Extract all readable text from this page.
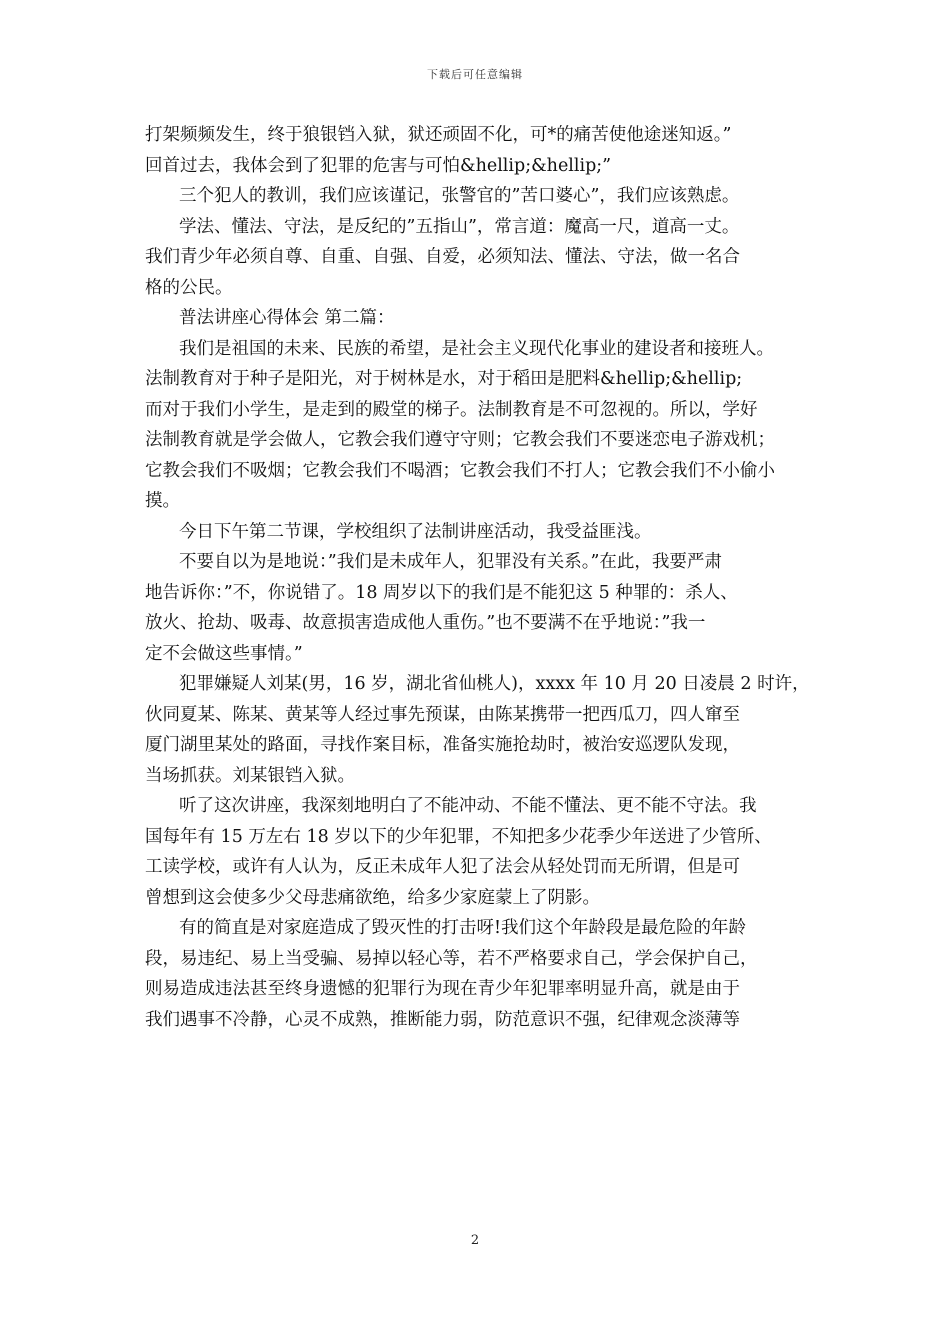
下载后可任意编辑
打架频频发生，终于狼银铛入狱，狱还顽固不化，可*的痛苦使他途迷知返。”
回首过去，我体会到了犯罪的危害与可怕&hellip;&hellip;”
三个犯人的教训，我们应该谨记，张警官的”苦口婆心”，我们应该熟虑。
学法、懂法、守法，是反纪的”五指山”，常言道：魔高一尺，道高一丈。
我们青少年必须自尊、自重、自强、自爱，必须知法、懂法、守法，做一名合
格的公民。
普法讲座心得体会 第二篇：
我们是祖国的未来、民族的希望，是社会主义现代化事业的建设者和接班人。
法制教育对于种子是阳光，对于树林是水，对于稻田是肥料&hellip;&hellip;
而对于我们小学生，是走到的殿堂的梯子。法制教育是不可忽视的。所以，学好
法制教育就是学会做人，它教会我们遵守守则；它教会我们不要迷恋电子游戏机；
它教会我们不吸烟；它教会我们不喝酒；它教会我们不打人；它教会我们不小偷小
摸。
今日下午第二节课，学校组织了法制讲座活动，我受益匪浅。
不要自以为是地说：”我们是未成年人，犯罪没有关系。”在此，我要严肃
地告诉你：”不，你说错了。18 周岁以下的我们是不能犯这 5 种罪的：杀人、
放火、抢劫、吸毒、故意损害造成他人重伤。”也不要满不在乎地说：”我一
定不会做这些事情。”
犯罪嫌疑人刘某(男，16 岁，湖北省仙桃人)，xxxx 年 10 月 20 日凌晨 2 时许，
伙同夏某、陈某、黄某等人经过事先预谋，由陈某携带一把西瓜刀，四人窜至
厦门湖里某处的路面，寻找作案目标，准备实施抢劫时，被治安巡逻队发现，
当场抓获。刘某银铛入狱。
听了这次讲座，我深刻地明白了不能冲动、不能不懂法、更不能不守法。我
国每年有 15 万左右 18 岁以下的少年犯罪，不知把多少花季少年送进了少管所、
工读学校，或许有人认为，反正未成年人犯了法会从轻处罚而无所谓，但是可
曾想到这会使多少父母悲痛欲绝，给多少家庭蒙上了阴影。
有的简直是对家庭造成了毁灭性的打击呀!我们这个年龄段是最危险的年龄
段，易违纪、易上当受骗、易掉以轻心等，若不严格要求自己，学会保护自己，
则易造成违法甚至终身遗憾的犯罪行为现在青少年犯罪率明显升高，就是由于
我们遇事不冷静，心灵不成熟，推断能力弱，防范意识不强，纪律观念淡薄等
2
